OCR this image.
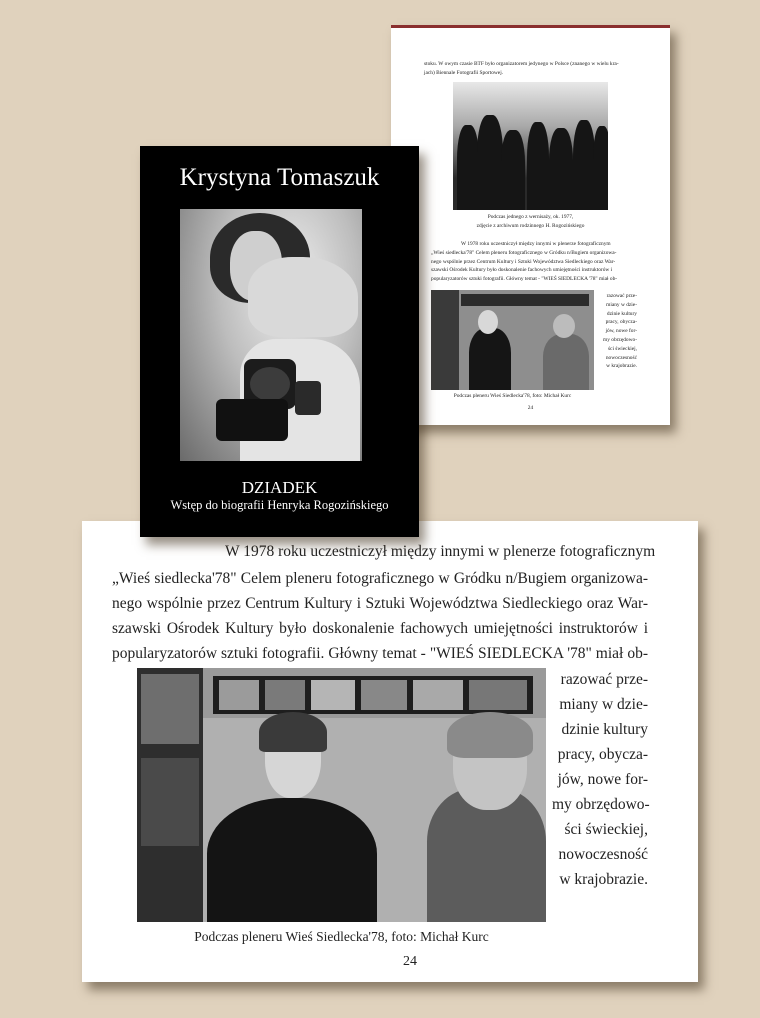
stoku. W owym czasie BTF było organizatorem jedynego w Polsce (znanego w wielu kra-

jach) Biennale Fotografii Sportowej.

Podczas jednego z wernisaży, ok. 1977,

zdjęcie z archiwum rodzinnego H. Rogozińskiego

W 1978 roku uczestniczył między innymi w plenerze fotograficznym

„Wieś siedlecka'78" Celem pleneru fotograficznego w Gródku n/Bugiem organizowa-

nego wspólnie przez Centrum Kultury i Sztuki Województwa Siedleckiego oraz War-

szawski Ośrodek Kultury było doskonalenie fachowych umiejętności instruktorów i

popularyzatorów sztuki fotografii. Główny temat - "WIEŚ SIEDLECKA '78" miał ob-

razować prze-

miany w dzie-

dzinie kultury

pracy, obycza-

jów, nowe for-

my obrzędowo-

ści świeckiej,

nowoczesność

w krajobrazie.

Podczas pleneru Wieś Siedlecka'78, foto: Michał Kurc

24

Krystyna Tomaszuk
DZIADEK
Wstęp do biografii Henryka Rogozińskiego
W 1978 roku uczestniczył między innymi w plenerze fotograficznym
„Wieś siedlecka'78" Celem pleneru fotograficznego w Gródku n/Bugiem organizowa-
nego wspólnie przez Centrum Kultury i Sztuki Województwa Siedleckiego oraz War-
szawski Ośrodek Kultury było doskonalenie fachowych umiejętności instruktorów i
popularyzatorów sztuki fotografii. Główny temat - "WIEŚ SIEDLECKA '78" miał ob-
razować prze-
miany w dzie-
dzinie kultury
pracy, obycza-
jów, nowe for-
my obrzędowo-
ści świeckiej,
nowoczesność
w krajobrazie.
Podczas pleneru Wieś Siedlecka'78, foto: Michał Kurc
24
